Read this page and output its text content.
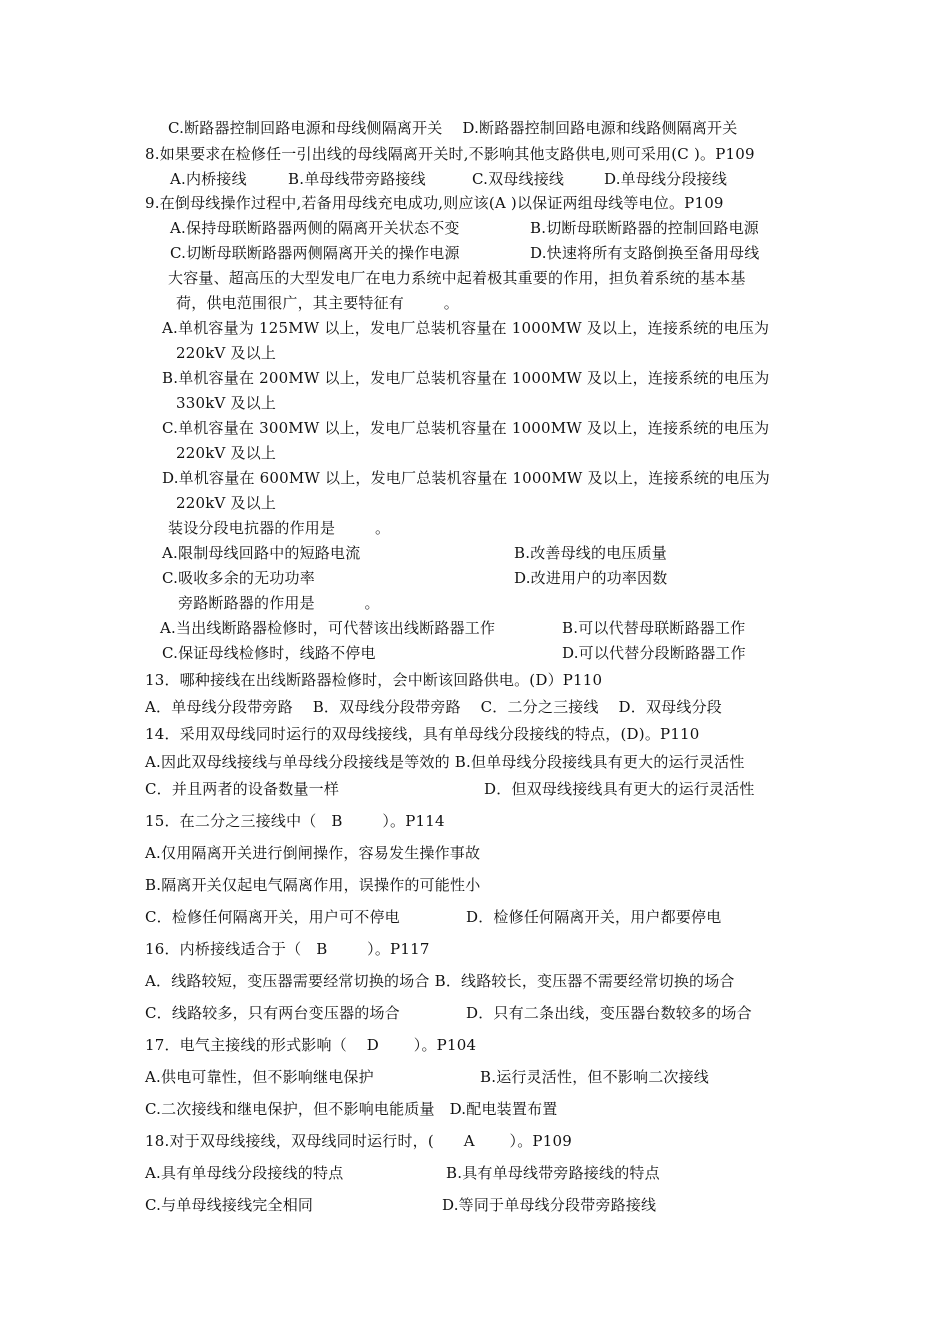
C.断路器控制回路电源和母线侧隔离开关    D.断路器控制回路电源和线路侧隔离开关
8.如果要求在检修任一引出线的母线隔离开关时,不影响其他支路供电,则可采用(C )。P109
A.内桥接线	B.单母线带旁路接线	C.双母线接线	D.单母线分段接线
9.在倒母线操作过程中,若备用母线充电成功,则应该(A )以保证两组母线等电位。P109
A.保持母联断路器两侧的隔离开关状态不变	B.切断母联断路器的控制回路电源
C.切断母联断路器两侧隔离开关的操作电源	D.快速将所有支路倒换至备用母线
大容量、超高压的大型发电厂在电力系统中起着极其重要的作用，担负着系统的基本基
荷，供电范围很广，其主要特征有        。
A.单机容量为 125MW 以上，发电厂总装机容量在 1000MW 及以上，连接系统的电压为
220kV 及以上
B.单机容量在 200MW 以上，发电厂总装机容量在 1000MW 及以上，连接系统的电压为
330kV 及以上
C.单机容量在 300MW 以上，发电厂总装机容量在 1000MW 及以上，连接系统的电压为
220kV 及以上
D.单机容量在 600MW 以上，发电厂总装机容量在 1000MW 及以上，连接系统的电压为
220kV 及以上
装设分段电抗器的作用是        。
A.限制母线回路中的短路电流	B.改善母线的电压质量
C.吸收多余的无功功率	D.改进用户的功率因数
旁路断路器的作用是          。
A.当出线断路器检修时，可代替该出线断路器工作	B.可以代替母联断路器工作
C.保证母线检修时，线路不停电	D.可以代替分段断路器工作
13．哪种接线在出线断路器检修时，会中断该回路供电。(D）P110
A．单母线分段带旁路    B．双母线分段带旁路    C．二分之三接线    D．双母线分段
14．采用双母线同时运行的双母线接线，具有单母线分段接线的特点，(D)。P110
A.因此双母线接线与单母线分段接线是等效的 B.但单母线分段接线具有更大的运行灵活性
C．并且两者的设备数量一样	D．但双母线接线具有更大的运行灵活性
15．在二分之三接线中（   B        ）。P114
A.仅用隔离开关进行倒闸操作，容易发生操作事故
B.隔离开关仅起电气隔离作用，误操作的可能性小
C．检修任何隔离开关，用户可不停电	D．检修任何隔离开关，用户都要停电
16．内桥接线适合于（   B        ）。P117
A．线路较短，变压器需要经常切换的场合 B．线路较长，变压器不需要经常切换的场合
C．线路较多，只有两台变压器的场合	D．只有二条出线，变压器台数较多的场合
17．电气主接线的形式影响（    D       ）。P104
A.供电可靠性，但不影响继电保护	B.运行灵活性，但不影响二次接线
C.二次接线和继电保护，但不影响电能质量   D.配电装置布置
18.对于双母线接线，双母线同时运行时，(      A       ）。P109
A.具有单母线分段接线的特点	B.具有单母线带旁路接线的特点
C.与单母线接线完全相同	D.等同于单母线分段带旁路接线
